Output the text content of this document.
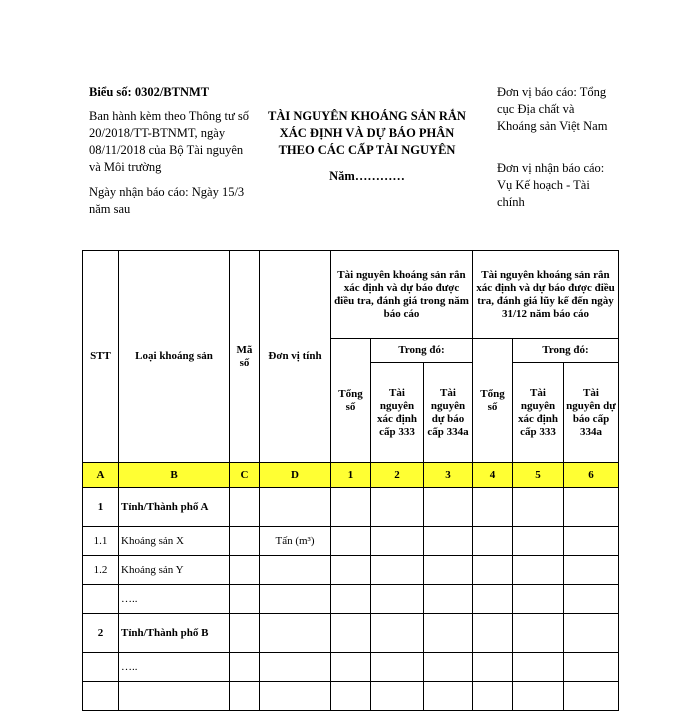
Biểu số: 0302/BTNMT
Ban hành kèm theo Thông tư số 20/2018/TT-BTNMT, ngày 08/11/2018 của Bộ Tài nguyên và Môi trường
Ngày nhận báo cáo: Ngày 15/3 năm sau
TÀI NGUYÊN KHOÁNG SẢN RẮN XÁC ĐỊNH VÀ DỰ BÁO PHÂN THEO CÁC CẤP TÀI NGUYÊN
Năm…………
Đơn vị báo cáo: Tổng cục Địa chất và Khoáng sản Việt Nam
Đơn vị nhận báo cáo: Vụ Kế hoạch - Tài chính
STT	Loại khoáng sản	Mã số	Đơn vị tính	Tài nguyên khoáng sản rắn xác định và dự báo được điều tra, đánh giá trong năm báo cáo			Tài nguyên khoáng sản rắn xác định và dự báo được điều tra, đánh giá lũy kế đến ngày 31/12 năm báo cáo		
				Tổng số	Trong đó:		Tổng số	Trong đó:	
					Tài nguyên xác định cấp 333	Tài nguyên dự báo cấp 334a		Tài nguyên xác định cấp 333	Tài nguyên dự báo cấp 334a
A	B	C	D	1	2	3	4	5	6
1	Tỉnh/Thành phố A								
1.1	Khoáng sản X		Tấn (m³)						
1.2	Khoáng sản Y								
	…..								
2	Tỉnh/Thành phố B								
	…..								
